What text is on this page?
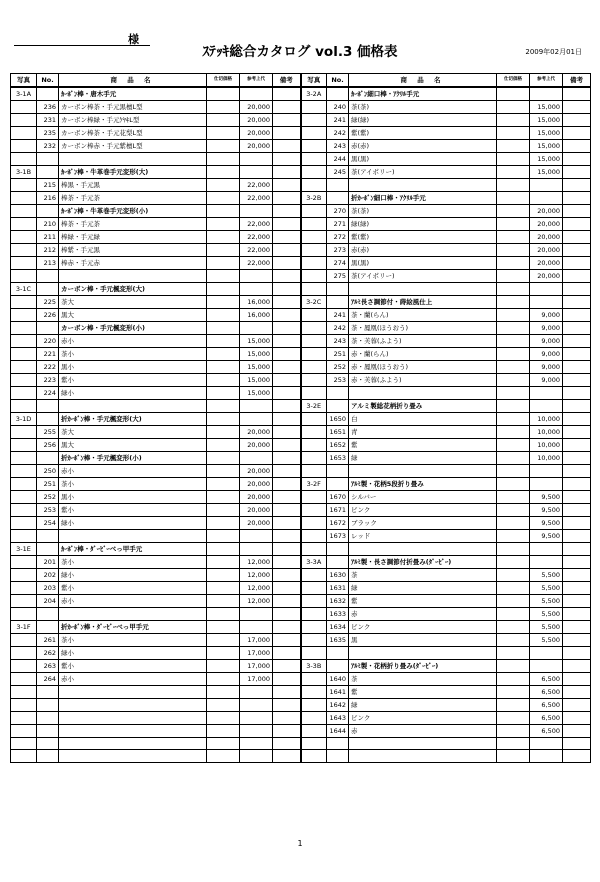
様
ｽﾃｯｷ総合カタログ vol.3 価格表	2009年02月01日
写真	No.	商 品 名	仕切価格	参考上代	備考	写真	No.	商 品 名	仕切価格	参考上代	備考
3-1A		ｶｰﾎﾞﾝ棒・唐木手元				3-2A		ｶｰﾎﾞﾝ細口棒・ｱｸﾘﾙ手元			
	236	カーボン棒茶・手元黒檀L型		20,000			240	茶(茶)		15,000	
	231	カーボン棒緑・手元ｹﾔｷL型		20,000			241	緑(緑)		15,000	
	235	カーボン棒茶・手元花梨L型		20,000			242	紫(紫)		15,000	
	232	カーボン棒赤・手元紫檀L型		20,000			243	赤(赤)		15,000	
							244	黒(黒)		15,000	
3-1B		ｶｰﾎﾞﾝ棒・牛革巻手元変形(大)					245	茶(アイボリー)		15,000	
	215	棒黒・手元黒		22,000							
	216	棒茶・手元茶		22,000		3-2B		折ｶｰﾎﾞﾝ細口棒・ｱｸﾘﾙ手元			
		ｶｰﾎﾞﾝ棒・牛革巻手元変形(小)					270	茶(茶)		20,000	
	210	棒茶・手元茶		22,000			271	緑(緑)		20,000	
	211	棒緑・手元緑		22,000			272	紫(紫)		20,000	
	212	棒紫・手元黒		22,000			273	赤(赤)		20,000	
	213	棒赤・手元赤		22,000			274	黒(黒)		20,000	
							275	茶(アイボリー)		20,000	
3-1C		カーボン棒・手元楓変形(大)									
	225	茶大		16,000		3-2C		ｱﾙﾐ長さ調節付・蒔絵風仕上			
	226	黒大		16,000			241	茶・蘭(らん)		9,000	
		カーボン棒・手元楓変形(小)					242	茶・鳳凰(ほうおう)		9,000	
	220	赤小		15,000			243	茶・芙蓉(ふよう)		9,000	
	221	茶小		15,000			251	赤・蘭(らん)		9,000	
	222	黒小		15,000			252	赤・鳳凰(ほうおう)		9,000	
	223	紫小		15,000			253	赤・芙蓉(ふよう)		9,000	
	224	緑小		15,000							
						3-2E		アルミ製総花柄折り畳み			
3-1D		折ｶｰﾎﾞﾝ棒・手元楓変形(大)					1650	白		10,000	
	255	茶大		20,000			1651	青		10,000	
	256	黒大		20,000			1652	紫		10,000	
		折ｶｰﾎﾞﾝ棒・手元楓変形(小)					1653	緑		10,000	
	250	赤小		20,000							
	251	茶小		20,000		3-2F		ｱﾙﾐ製・花柄5段折り畳み			
	252	黒小		20,000			1670	シルバー		9,500	
	253	紫小		20,000			1671	ピンク		9,500	
	254	緑小		20,000			1672	ブラック		9,500	
							1673	レッド		9,500	
3-1E		ｶｰﾎﾞﾝ棒・ﾀﾞｰﾋﾞｰべっ甲手元									
	201	茶小		12,000		3-3A		ｱﾙﾐ製・長さ調節付折畳み(ﾀﾞｰﾋﾞｰ)			
	202	緑小		12,000			1630	茶		5,500	
	203	紫小		12,000			1631	緑		5,500	
	204	赤小		12,000			1632	紫		5,500	
							1633	赤		5,500	
3-1F		折ｶｰﾎﾞﾝ棒・ﾀﾞｰﾋﾞｰべっ甲手元					1634	ピンク		5,500	
	261	茶小		17,000			1635	黒		5,500	
	262	緑小		17,000							
	263	紫小		17,000		3-3B		ｱﾙﾐ製・花柄折り畳み(ﾀﾞｰﾋﾞｰ)			
	264	赤小		17,000			1640	茶		6,500	
							1641	紫		6,500	
							1642	緑		6,500	
							1643	ピンク		6,500	
							1644	赤		6,500	

1
